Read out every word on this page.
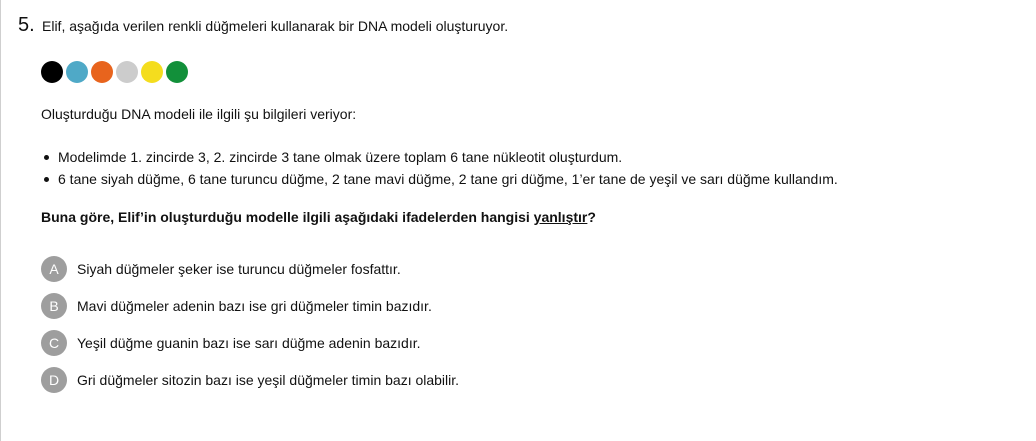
5. Elif, aşağıda verilen renkli düğmeleri kullanarak bir DNA modeli oluşturuyor.
Oluşturduğu DNA modeli ile ilgili şu bilgileri veriyor:
Modelimde 1. zincirde 3, 2. zincirde 3 tane olmak üzere toplam 6 tane nükleotit oluşturdum.
6 tane siyah düğme, 6 tane turuncu düğme, 2 tane mavi düğme, 2 tane gri düğme, 1’er tane de yeşil ve sarı düğme kullandım.
Buna göre, Elif’in oluşturduğu modelle ilgili aşağıdaki ifadelerden hangisi yanlıştır?
A	Siyah düğmeler şeker ise turuncu düğmeler fosfattır.
B	Mavi düğmeler adenin bazı ise gri düğmeler timin bazıdır.
C	Yeşil düğme guanin bazı ise sarı düğme adenin bazıdır.
D	Gri düğmeler sitozin bazı ise yeşil düğmeler timin bazı olabilir.
